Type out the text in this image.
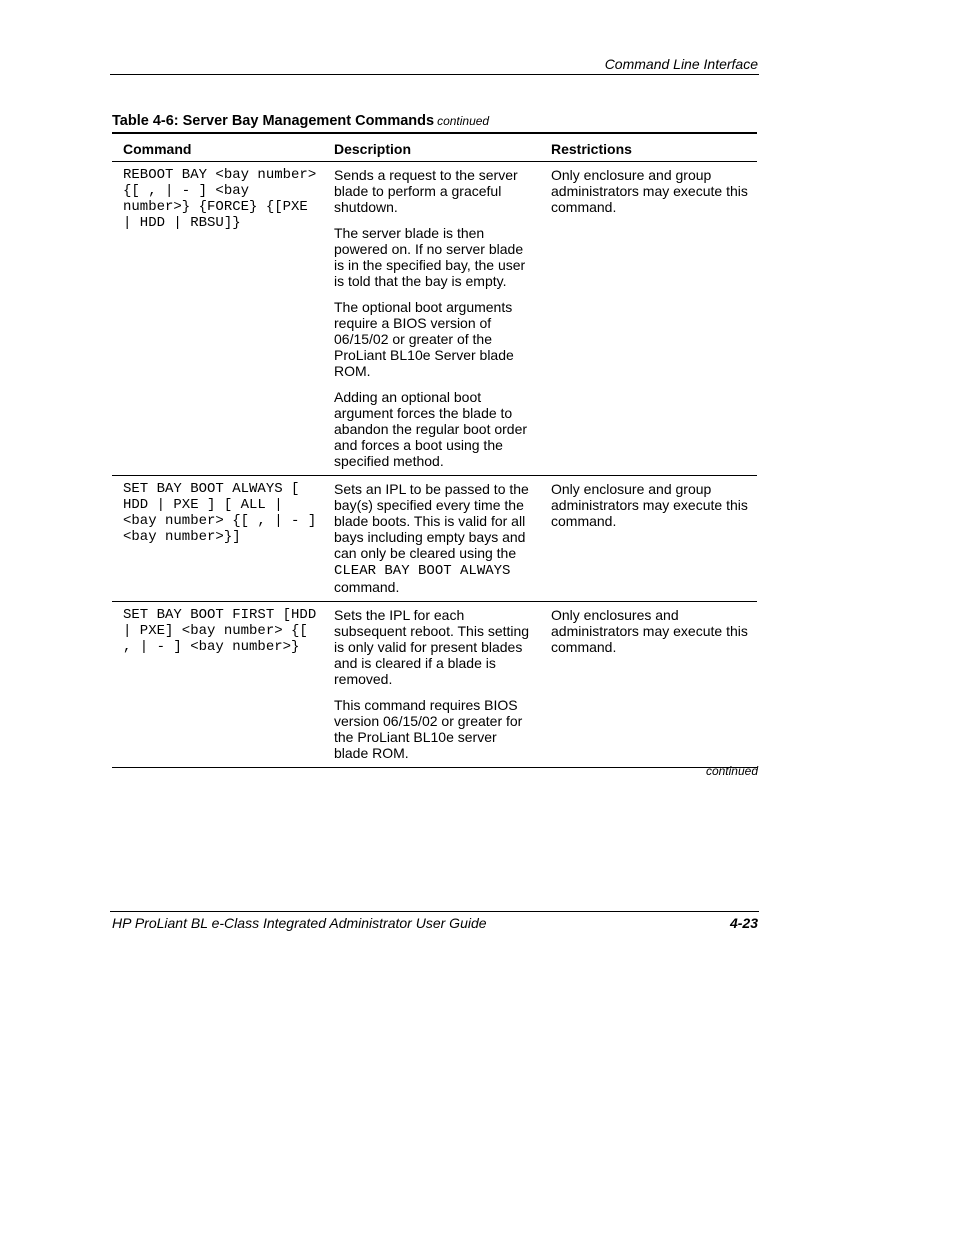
Command Line Interface
Table 4-6: Server Bay Management Commands continued
Command	Description	Restrictions
REBOOT BAY <bay number> {[ , | - ] <bay number>} {FORCE} {[PXE | HDD | RBSU]}	Sends a request to the server blade to perform a graceful shutdown.

The server blade is then powered on. If no server blade is in the specified bay, the user is told that the bay is empty.

The optional boot arguments require a BIOS version of 06/15/02 or greater of the ProLiant BL10e Server blade ROM.

Adding an optional boot argument forces the blade to abandon the regular boot order and forces a boot using the specified method.	Only enclosure and group administrators may execute this command.
SET BAY BOOT ALWAYS [ HDD | PXE ] [ ALL | <bay number> {[ , | - ] <bay number>}]	Sets an IPL to be passed to the bay(s) specified every time the blade boots. This is valid for all bays including empty bays and can only be cleared using the CLEAR BAY BOOT ALWAYS command.	Only enclosure and group administrators may execute this command.
SET BAY BOOT FIRST [HDD | PXE] <bay number> {[ , | - ] <bay number>}	Sets the IPL for each subsequent reboot. This setting is only valid for present blades and is cleared if a blade is removed.

This command requires BIOS version 06/15/02 or greater for the ProLiant BL10e server blade ROM.	Only enclosures and administrators may execute this command.
continued
HP ProLiant BL e-Class Integrated Administrator User Guide	4-23
